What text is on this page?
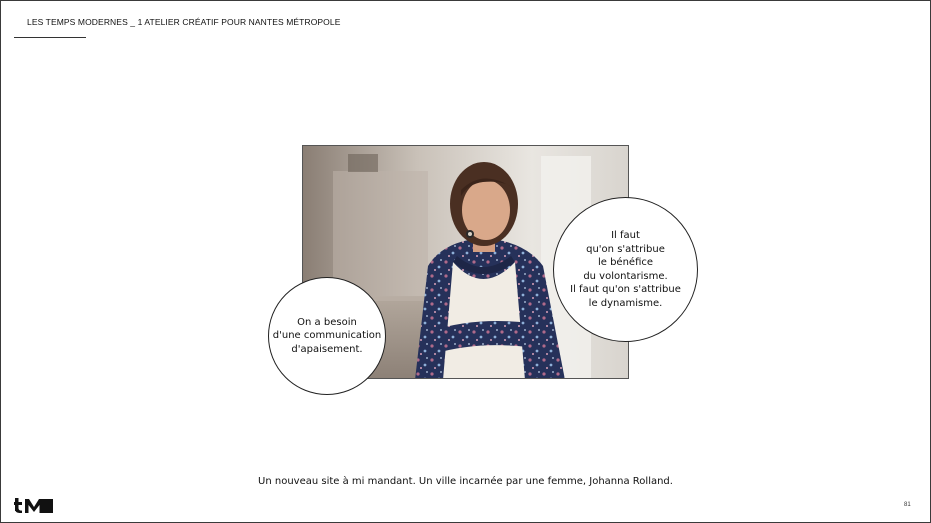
LES TEMPS MODERNES _ 1 ATELIER CRÉATIF POUR NANTES MÉTROPOLE

On a besoin
d'une communication
d'apaisement.

Il faut
qu'on s'attribue
le bénéfice
du volontarisme.
Il faut qu'on s'attribue
le dynamisme.

Un nouveau site à mi mandant. Un ville incarnée par une femme, Johanna Rolland.
81
